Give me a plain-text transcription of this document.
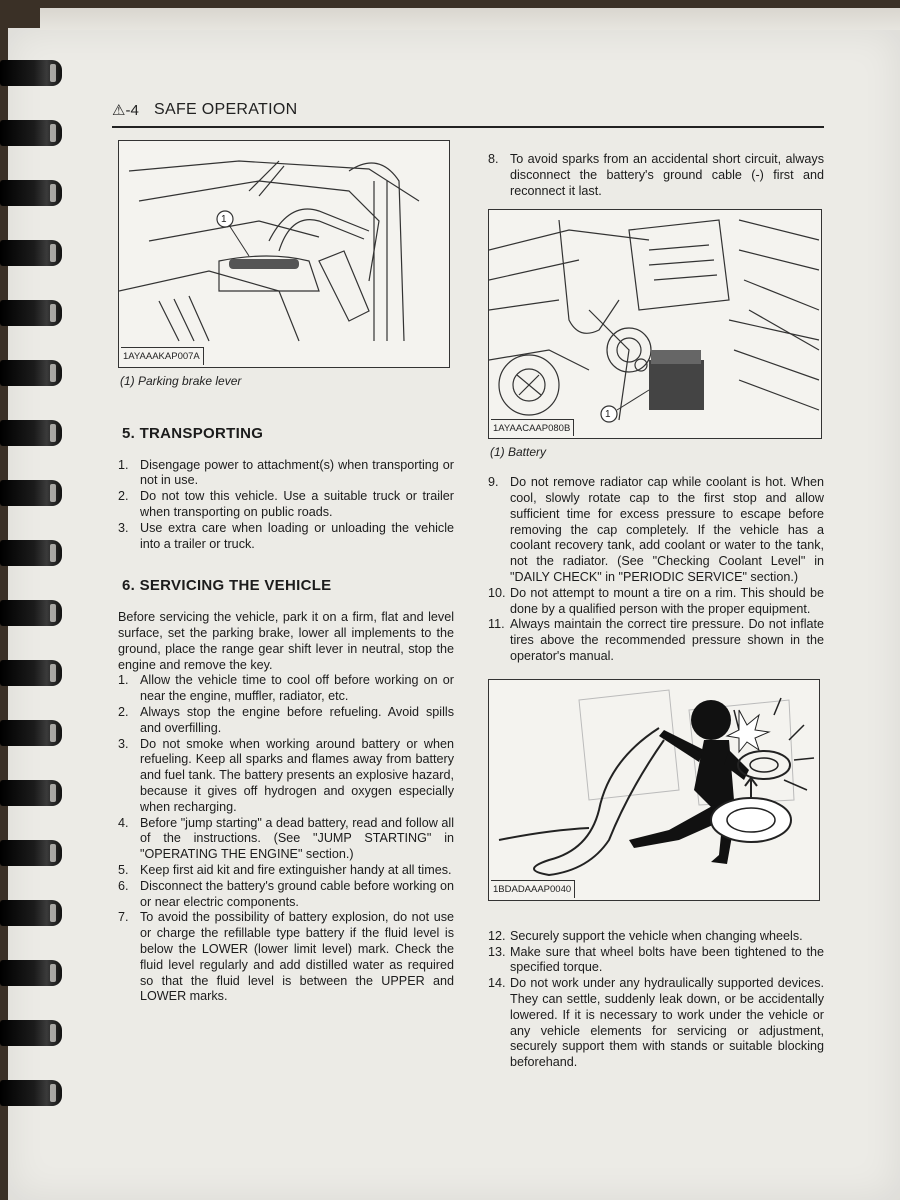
⚠-4 SAFE OPERATION
1
1AYAAAKAP007A
(1) Parking brake lever
5. TRANSPORTING
1. Disengage power to attachment(s) when transporting or not in use.
2. Do not tow this vehicle. Use a suitable truck or trailer when transporting on public roads.
3. Use extra care when loading or unloading the vehicle into a trailer or truck.
6. SERVICING THE VEHICLE

Before servicing the vehicle, park it on a firm, flat and level surface, set the parking brake, lower all implements to the ground, place the range gear shift lever in neutral, stop the engine and remove the key.

1. Allow the vehicle time to cool off before working on or near the engine, muffler, radiator, etc.
2. Always stop the engine before refueling. Avoid spills and overfilling.
3. Do not smoke when working around battery or when refueling. Keep all sparks and flames away from battery and fuel tank. The battery presents an explosive hazard, because it gives off hydrogen and oxygen especially when recharging.
4. Before "jump starting" a dead battery, read and follow all of the instructions. (See "JUMP STARTING" in "OPERATING THE ENGINE" section.)
5. Keep first aid kit and fire extinguisher handy at all times.
6. Disconnect the battery's ground cable before working on or near electric components.
7. To avoid the possibility of battery explosion, do not use or charge the refillable type battery if the fluid level is below the LOWER (lower limit level) mark. Check the fluid level regularly and add distilled water as required so that the fluid level is between the UPPER and LOWER marks.
8. To avoid sparks from an accidental short circuit, always disconnect the battery's ground cable (-) first and reconnect it last.
1
1AYAACAAP080B
(1) Battery
9. Do not remove radiator cap while coolant is hot. When cool, slowly rotate cap to the first stop and allow sufficient time for excess pressure to escape before removing the cap completely. If the vehicle has a coolant recovery tank, add coolant or water to the tank, not the radiator. (See "Checking Coolant Level" in "DAILY CHECK" in "PERIODIC SERVICE" section.)
10. Do not attempt to mount a tire on a rim. This should be done by a qualified person with the proper equipment.
11. Always maintain the correct tire pressure. Do not inflate tires above the recommended pressure shown in the operator's manual.
1BDADAAAP0040
12. Securely support the vehicle when changing wheels.
13. Make sure that wheel bolts have been tightened to the specified torque.
14. Do not work under any hydraulically supported devices. They can settle, suddenly leak down, or be accidentally lowered. If it is necessary to work under the vehicle or any vehicle elements for servicing or adjustment, securely support them with stands or suitable blocking beforehand.
